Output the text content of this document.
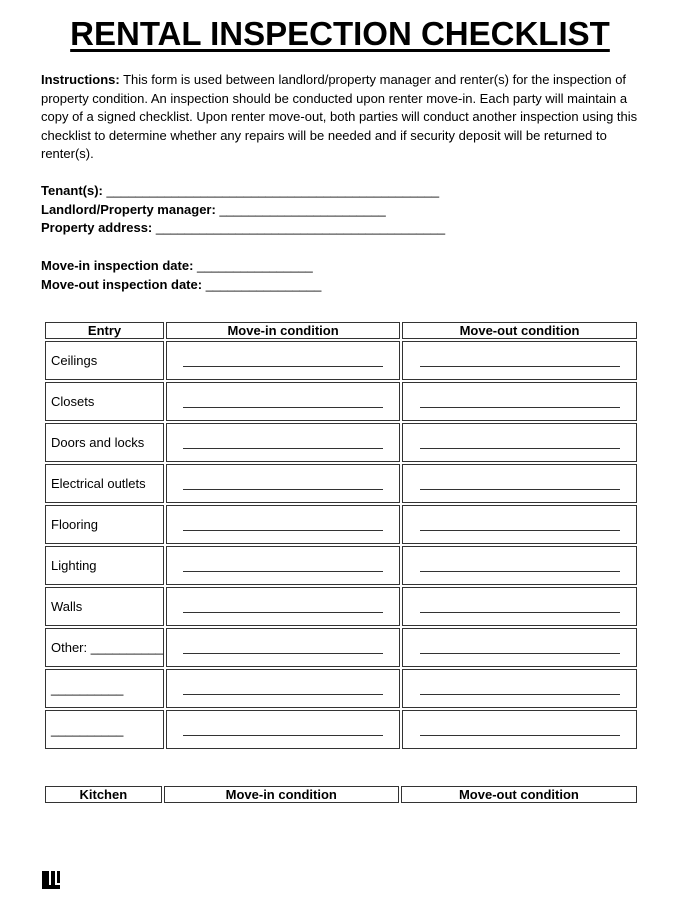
RENTAL INSPECTION CHECKLIST
Instructions: This form is used between landlord/property manager and renter(s) for the inspection of property condition. An inspection should be conducted upon renter move-in. Each party will maintain a copy of a signed checklist. Upon renter move-out, both parties will conduct another inspection using this checklist to determine whether any repairs will be needed and if security deposit will be returned to renter(s).
Tenant(s): ______________________________________________
Landlord/Property manager: _______________________
Property address: ________________________________________
Move-in inspection date: ________________
Move-out inspection date: ________________
Entry	Move-in condition	Move-out condition
Ceilings		
Closets		
Doors and locks		
Electrical outlets		
Flooring		
Lighting		
Walls		
Other: __________		
__________		
__________		
Kitchen	Move-in condition	Move-out condition
